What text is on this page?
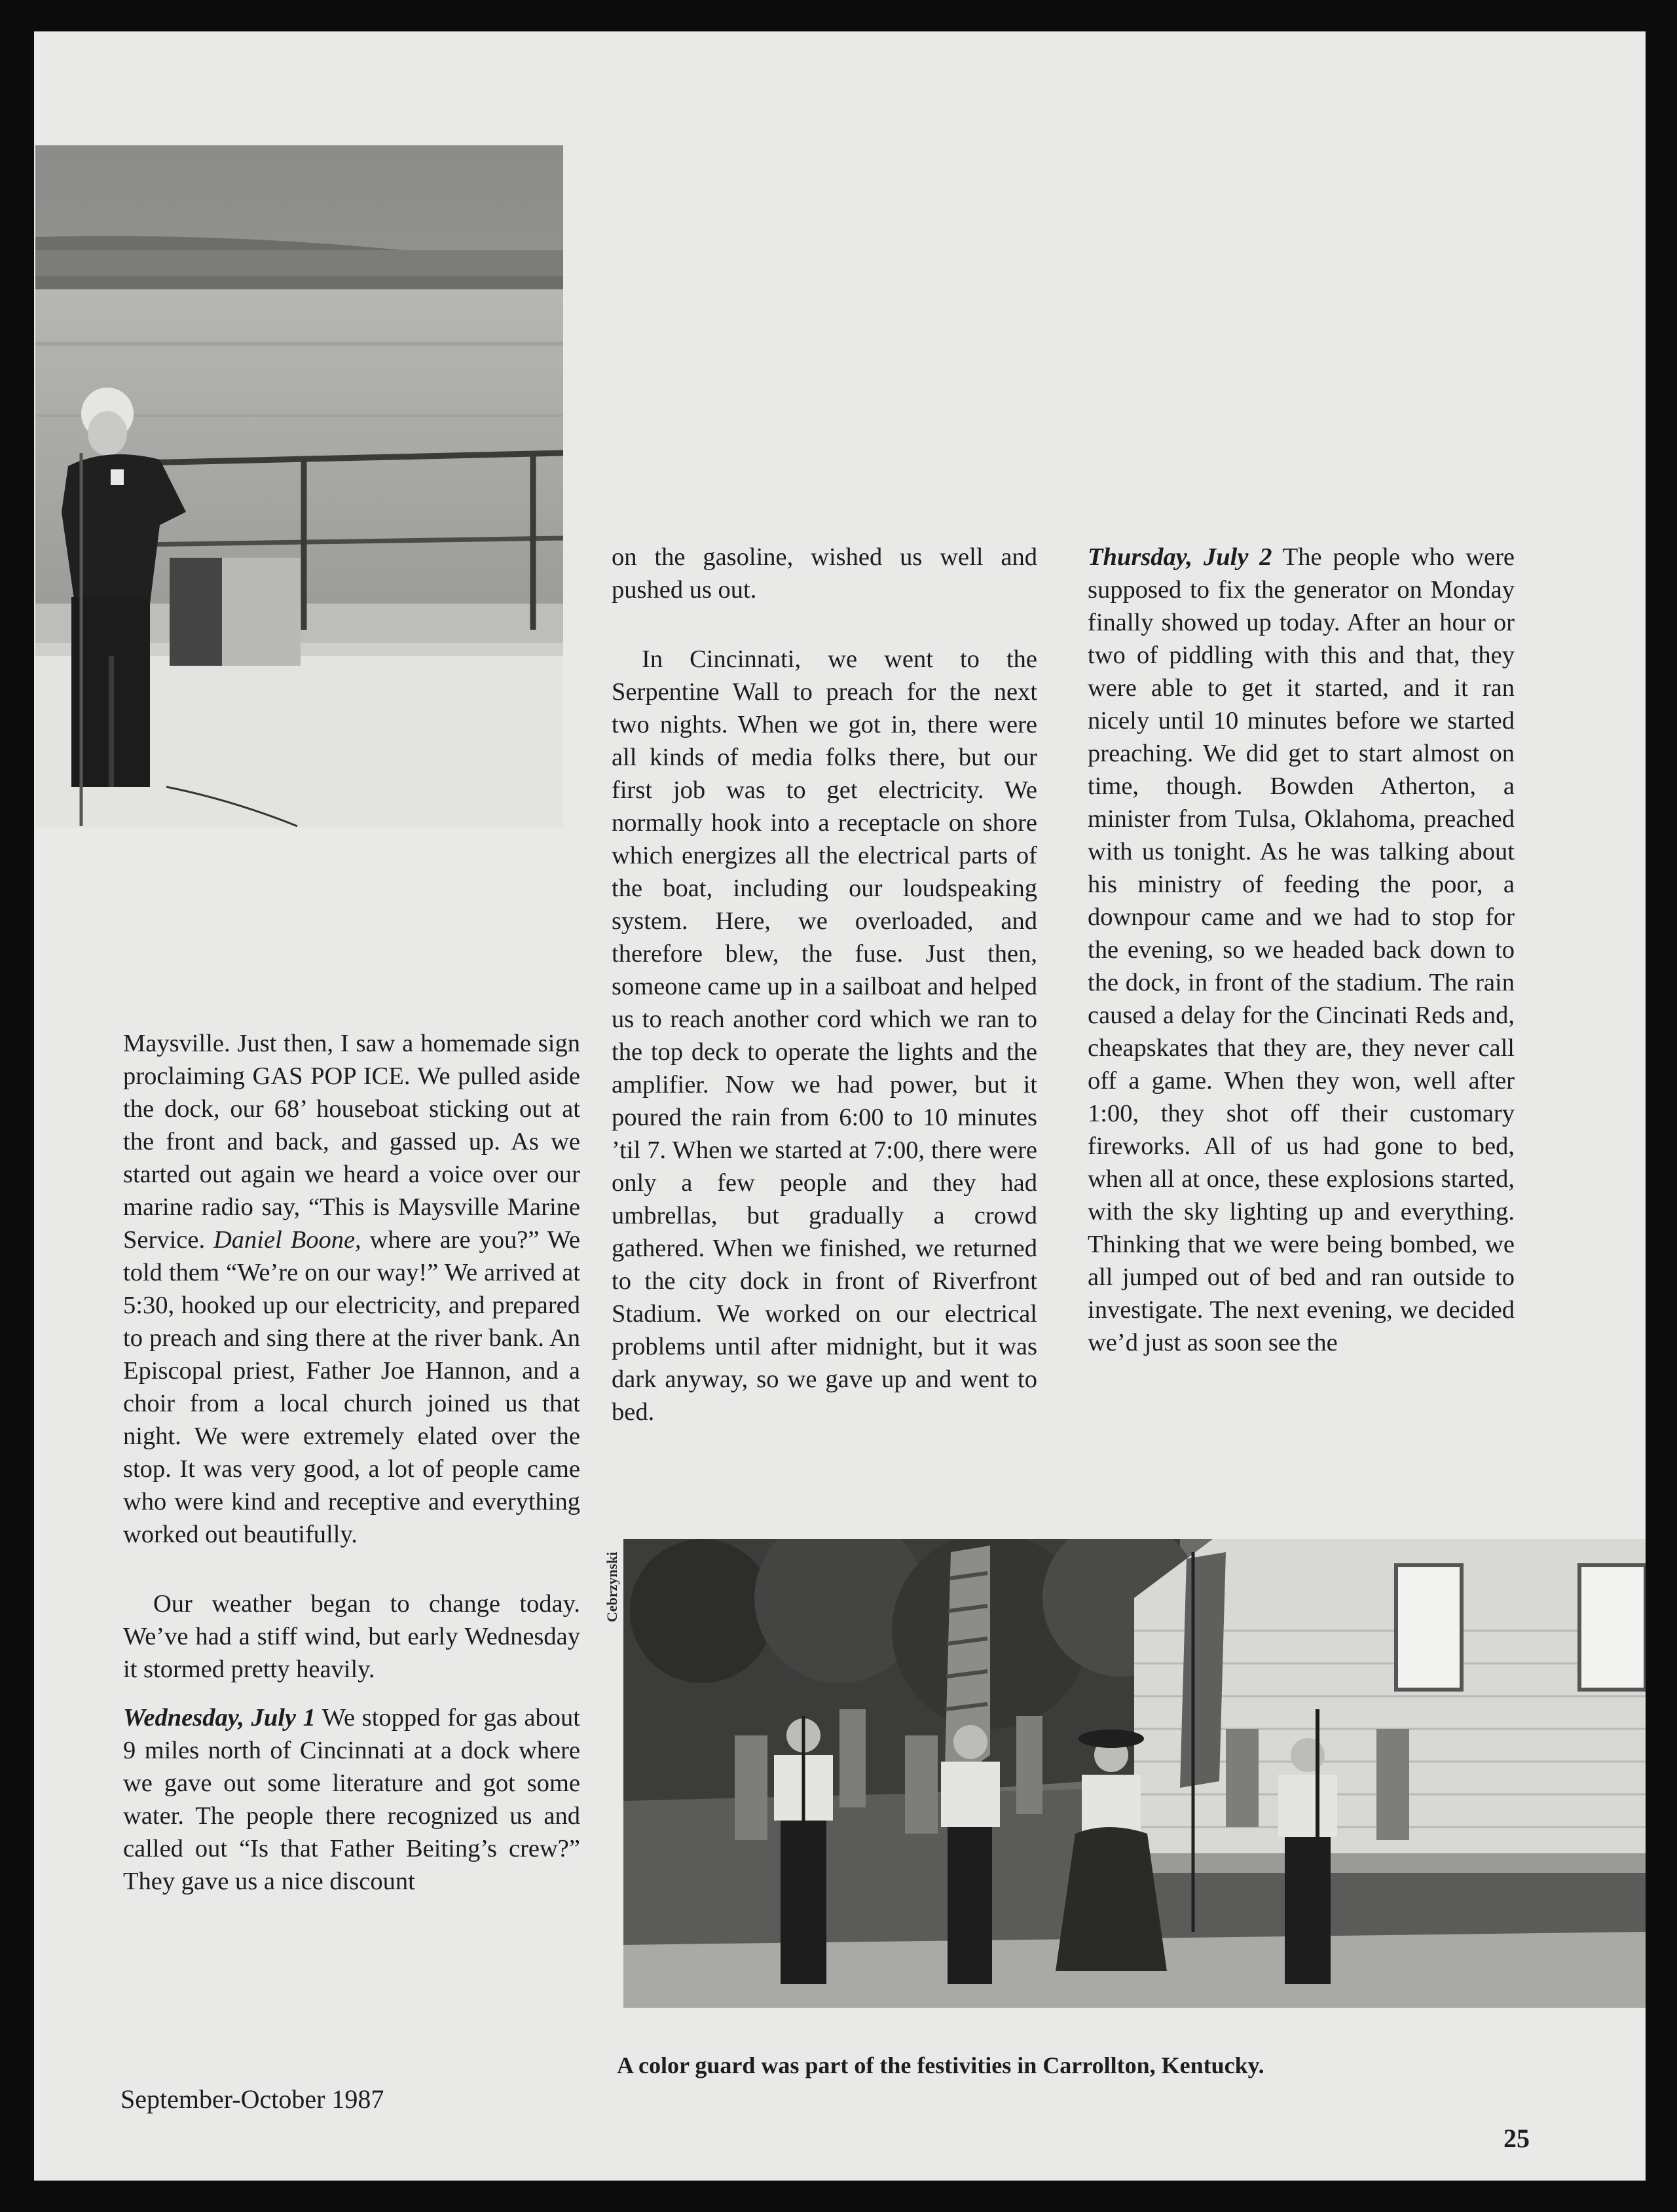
Cebrzynski

Maysville. Just then, I saw a homemade sign proclaiming GAS POP ICE. We pulled aside the dock, our 68’ houseboat sticking out at the front and back, and gassed up. As we started out again we heard a voice over our marine radio say, “This is Maysville Marine Service. Daniel Boone, where are you?” We told them “We’re on our way!” We arrived at 5:30, hooked up our electricity, and prepared to preach and sing there at the river bank. An Episcopal priest, Father Joe Hannon, and a choir from a local church joined us that night. We were extremely elated over the stop. It was very good, a lot of people came who were kind and receptive and everything worked out beautifully.

Our weather began to change today. We’ve had a stiff wind, but early Wednesday it stormed pretty heavily.

Wednesday, July 1 We stopped for gas about 9 miles north of Cincinnati at a dock where we gave out some literature and got some water. The people there recognized us and called out “Is that Father Beiting’s crew?” They gave us a nice discount

on the gasoline, wished us well and pushed us out.

In Cincinnati, we went to the Serpentine Wall to preach for the next two nights. When we got in, there were all kinds of media folks there, but our first job was to get electricity. We normally hook into a receptacle on shore which energizes all the electrical parts of the boat, including our loudspeaking system. Here, we overloaded, and therefore blew, the fuse. Just then, someone came up in a sailboat and helped us to reach another cord which we ran to the top deck to operate the lights and the amplifier. Now we had power, but it poured the rain from 6:00 to 10 minutes ’til 7. When we started at 7:00, there were only a few people and they had umbrellas, but gradually a crowd gathered. When we finished, we returned to the city dock in front of Riverfront Stadium. We worked on our electrical problems until after midnight, but it was dark anyway, so we gave up and went to bed.

Thursday, July 2 The people who were supposed to fix the generator on Monday finally showed up today. After an hour or two of piddling with this and that, they were able to get it started, and it ran nicely until 10 minutes before we started preaching. We did get to start almost on time, though. Bowden Atherton, a minister from Tulsa, Oklahoma, preached with us tonight. As he was talking about his ministry of feeding the poor, a downpour came and we had to stop for the evening, so we headed back down to the dock, in front of the stadium. The rain caused a delay for the Cincinati Reds and, cheapskates that they are, they never call off a game. When they won, well after 1:00, they shot off their customary fireworks. All of us had gone to bed, when all at once, these explosions started, with the sky lighting up and everything. Thinking that we were being bombed, we all jumped out of bed and ran outside to investigate. The next evening, we decided we’d just as soon see the

A color guard was part of the festivities in Carrollton, Kentucky.
September-October 1987
25
